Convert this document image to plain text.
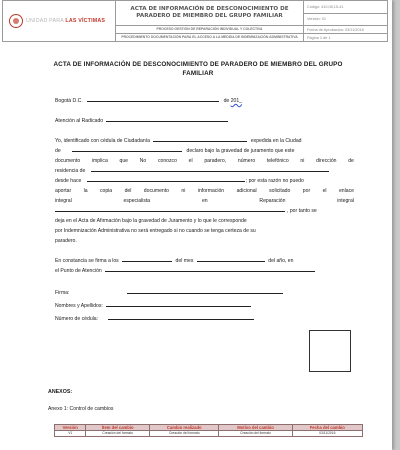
UNIDAD PARA LAS VÍCTIMAS	ACTA DE INFORMACIÓN DE DESCONOCIMIENTO DE PARADERO DE MIEMBRO DEL GRUPO FAMILIAR	Código: 410,08,15-41
		Versión: 01
	PROCESO GESTIÓN DE REPARACIÓN INDIVIDUAL Y COLECTIVA	Fecha de Aprobación: 03/11/2016
	PROCEDIMIENTO DOCUMENTACIÓN PARA EL ACCESO A LA MEDIDA DE INDEMNIZACIÓN ADMINISTRATIVA	Página 1 de 1
ACTA DE INFORMACIÓN DE DESCONOCIMIENTO DE PARADERO DE MIEMBRO DEL GRUPO FAMILIAR
Bogotá D.C.	de 201_
Atención al Radicado
Yo, identificado con cédula de Ciudadanía	expedida en la Ciudad
de	declaro bajo la gravedad de juramento que este
documento implica que No conozco el paradero, número telefónico ni dirección de
residencia de
desde hace	; por esta razón no puedo
aportar la copia del documento ni información adicional solicitado por el enlace
integral	especialista	en	Reparación	integral
, por tanto se
deja en el Acta de Afirmación bajo la gravedad de Juramento y lo que le corresponde
por Indemnización Administrativa no será entregado si no cuando se tenga certeza de su
paradero.
En constancia se firma a los	del mes	del año, en
el Punto de Atención
Firma:
Nombres y Apellidos:
Número de cédula:
ANEXOS:
Anexo 1: Control de cambios
Versión	Ítem del cambio	Cambio realizado	Motivo del cambio	Fecha del cambio
V1	Creación del formato	Creación del formato	Creación del formato	03/11/2016
